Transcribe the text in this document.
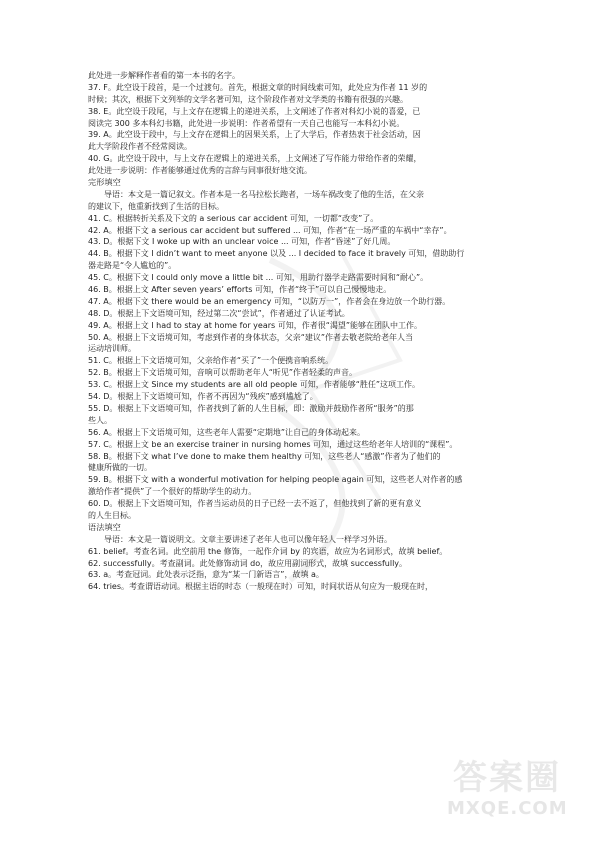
此处进一步解释作者看的第一本书的名字。
37. F。此空设于段首，是一个过渡句。首先，根据文章的时间线索可知，此处应为作者 11 岁的
时候；其次，根据下文列举的文学名著可知，这个阶段作者对文学类的书籍有很强的兴趣。
38. E。此空设于段尾，与上文存在逻辑上的递进关系，上文阐述了作者对科幻小说的喜爱，已
阅读完 300 多本科幻书籍，此处进一步说明：作者希望有一天自己也能写一本科幻小说。
39. A。此空设于段中，与上文存在逻辑上的因果关系，上了大学后，作者热衷于社会活动，因
此大学阶段作者不经常阅读。
40. G。此空设于段中，与上文存在逻辑上的递进关系，上文阐述了写作能力带给作者的荣耀，
此处进一步说明：作者能够通过优秀的言辞与同事很好地交流。
完形填空
导语：本文是一篇记叙文。作者本是一名马拉松长跑者，一场车祸改变了他的生活，在父亲
的建议下，他重新找到了生活的目标。
41. C。根据转折关系及下文的 a serious car accident 可知，一切都“改变”了。
42. A。根据下文 a serious car accident but suffered ... 可知，作者“在一场严重的车祸中“幸存”。
43. D。根据下文 I woke up with an unclear voice ... 可知，作者“昏迷”了好几周。
44. B。根据下文 I didn’t want to meet anyone 以及 ... I decided to face it bravely 可知，借助助行
器走路是“令人尴尬的”。
45. C。根据下文 I could only move a little bit ... 可知，用助行器学走路需要时间和“耐心”。
46. B。根据上文 After seven years’ efforts 可知，作者“终于”可以自己慢慢地走。
47. A。根据下文 there would be an emergency 可知，“以防万一”，作者会在身边放一个助行器。
48. D。根据上下文语境可知，经过第二次“尝试”，作者通过了认证考试。
49. A。根据上文 I had to stay at home for years 可知，作者很“渴望”能够在团队中工作。
50. A。根据上下文语境可知，考虑到作者的身体状态，父亲“建议”作者去敬老院给老年人当
运动培训师。
51. C。根据上下文语境可知，父亲给作者“买了”一个便携音响系统。
52. B。根据上下文语境可知，音响可以帮助老年人“听见”作者轻柔的声音。
53. C。根据上文 Since my students are all old people 可知，作者能够“胜任”这项工作。
54. D。根据上下文语境可知，作者不再因为“残疾”感到尴尬了。
55. D。根据上下文语境可知，作者找到了新的人生目标，即：激励并鼓励作者所“服务”的那
些人。
56. A。根据上下文语境可知，这些老年人需要“定期地”让自己的身体动起来。
57. C。根据上文 be an exercise trainer in nursing homes 可知，通过这些给老年人培训的“课程”。
58. B。根据下文 what I’ve done to make them healthy 可知，这些老人“感激”作者为了他们的
健康所做的一切。
59. B。根据下文 with a wonderful motivation for helping people again 可知，这些老人对作者的感
激给作者“提供”了一个很好的帮助学生的动力。
60. D。根据上下文语境可知，作者当运动员的日子已经一去不返了，但他找到了新的更有意义
的人生目标。
语法填空
导语：本文是一篇说明文。文章主要讲述了老年人也可以像年轻人一样学习外语。
61. belief。考查名词。此空前用 the 修饰，一起作介词 by 的宾语，故应为名词形式，故填 belief。
62. successfully。考查副词。此处修饰动词 do，故应用副词形式，故填 successfully。
63. a。考查冠词。此处表示泛指，意为“某一门新语言”，故填 a。
64. tries。考查谓语动词。根据主语的时态（一般现在时）可知，时间状语从句应为一般现在时，
答案圈
MXQE.COM
